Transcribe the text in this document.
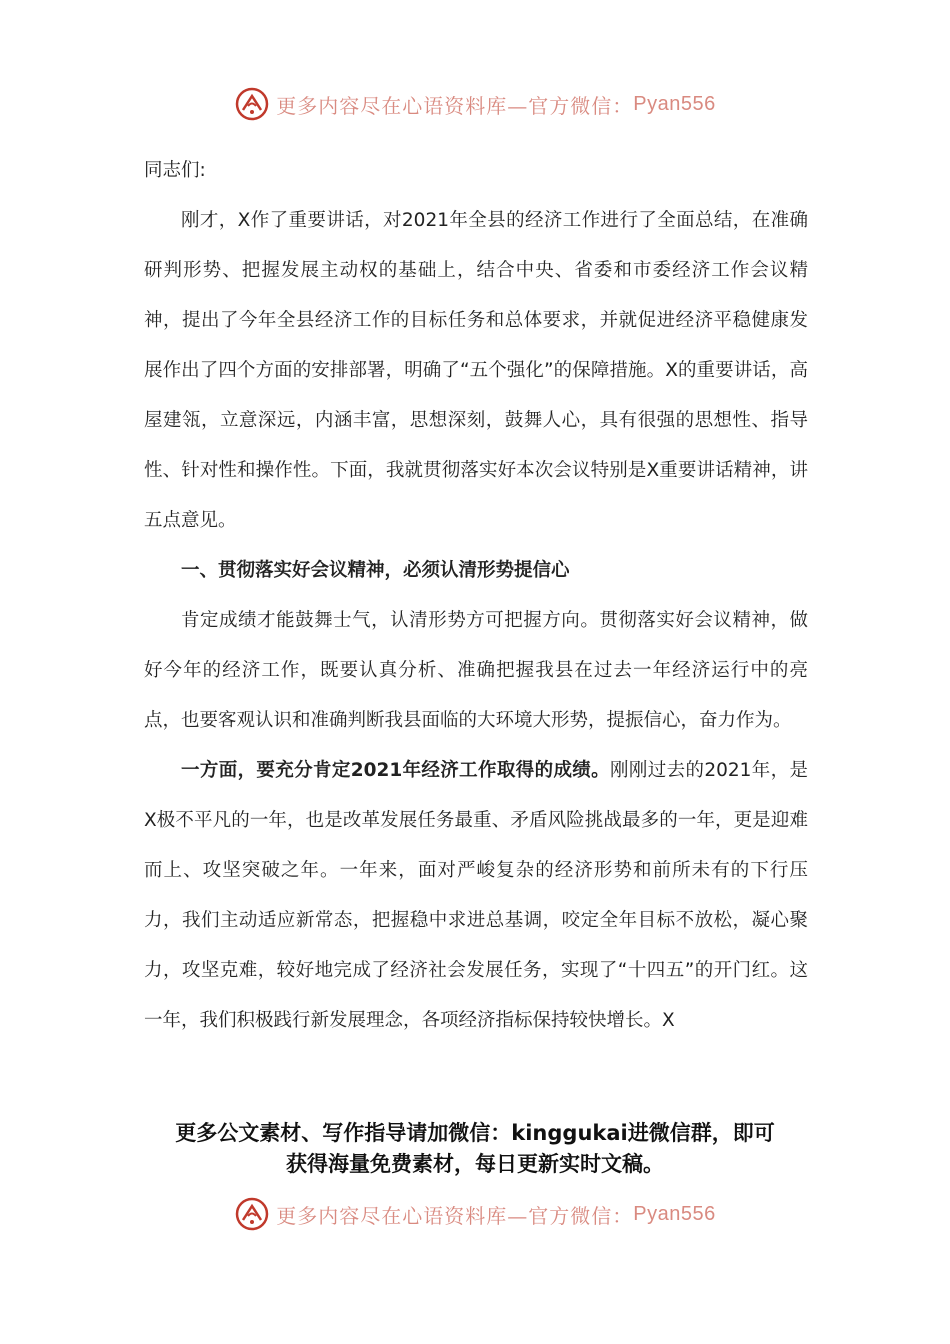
更多内容尽在心语资料库—官方微信： Pyan556

同志们:

刚才，X作了重要讲话，对2021年全县的经济工作进行了全面总结，在准确研判形势、把握发展主动权的基础上，结合中央、省委和市委经济工作会议精神，提出了今年全县经济工作的目标任务和总体要求，并就促进经济平稳健康发展作出了四个方面的安排部署，明确了“五个强化”的保障措施。X的重要讲话，高屋建瓴，立意深远，内涵丰富，思想深刻，鼓舞人心，具有很强的思想性、指导性、针对性和操作性。下面，我就贯彻落实好本次会议特别是X重要讲话精神，讲五点意见。

一、贯彻落实好会议精神，必须认清形势提信心

肯定成绩才能鼓舞士气，认清形势方可把握方向。贯彻落实好会议精神，做好今年的经济工作，既要认真分析、准确把握我县在过去一年经济运行中的亮点，也要客观认识和准确判断我县面临的大环境大形势，提振信心，奋力作为。

一方面，要充分肯定2021年经济工作取得的成绩。刚刚过去的2021年，是X极不平凡的一年，也是改革发展任务最重、矛盾风险挑战最多的一年，更是迎难而上、攻坚突破之年。一年来，面对严峻复杂的经济形势和前所未有的下行压力，我们主动适应新常态，把握稳中求进总基调，咬定全年目标不放松，凝心聚力，攻坚克难，较好地完成了经济社会发展任务，实现了“十四五”的开门红。这一年，我们积极践行新发展理念，各项经济指标保持较快增长。X

更多公文素材、写作指导请加微信：kinggukai进微信群，即可
获得海量免费素材，每日更新实时文稿。
更多内容尽在心语资料库—官方微信： Pyan556
